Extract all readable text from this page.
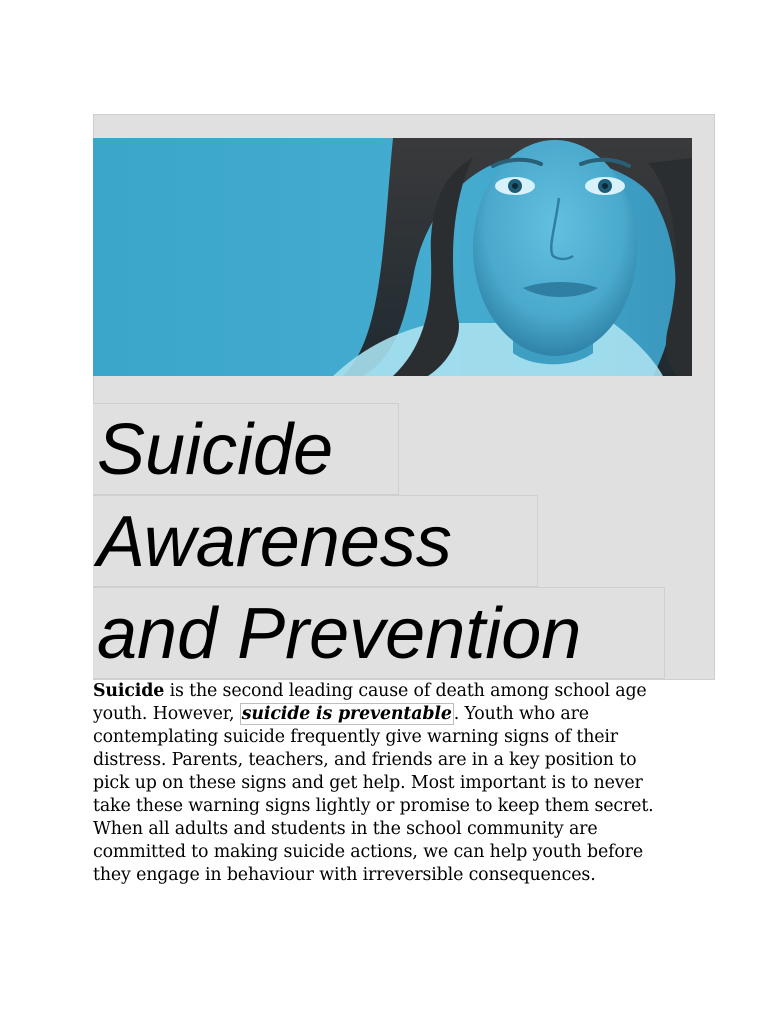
Suicide
Awareness
and Prevention

Suicide is the second leading cause of death among school age youth. However, suicide is preventable . Youth who are contemplating suicide frequently give warning signs of their distress. Parents, teachers, and friends are in a key position to pick up on these signs and get help. Most important is to never take these warning signs lightly or promise to keep them secret. When all adults and students in the school community are committed to making suicide actions, we can help youth before they engage in behaviour with irreversible consequences.
